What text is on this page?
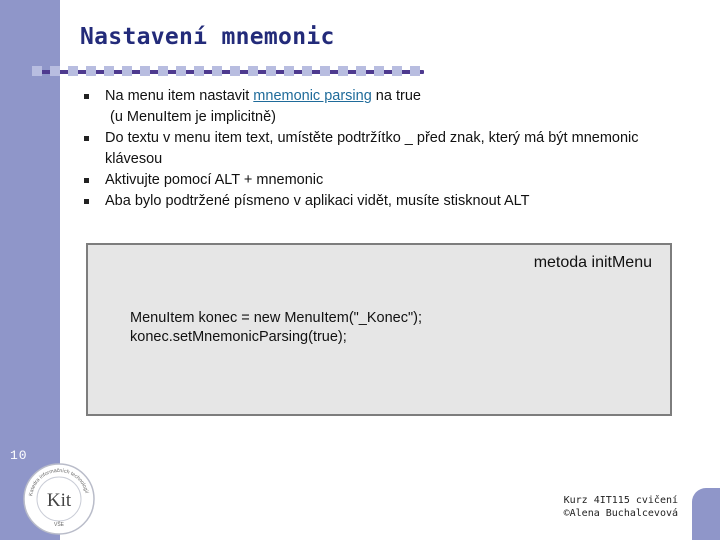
10
Kit
Katedra informačních technologií
VŠE
Nastavení mnemonic
Na menu item nastavit mnemonic parsing na true
(u MenuItem je implicitně)
Do textu v menu item text, umístěte podtržítko _ před znak, který má být mnemonic klávesou
Aktivujte pomocí ALT + mnemonic
Aba bylo podtržené písmeno v aplikaci vidět, musíte stisknout ALT
metoda initMenu
MenuItem konec = new MenuItem("_Konec");
konec.setMnemonicParsing(true);
Kurz 4IT115 cvičení
©Alena Buchalcevová
